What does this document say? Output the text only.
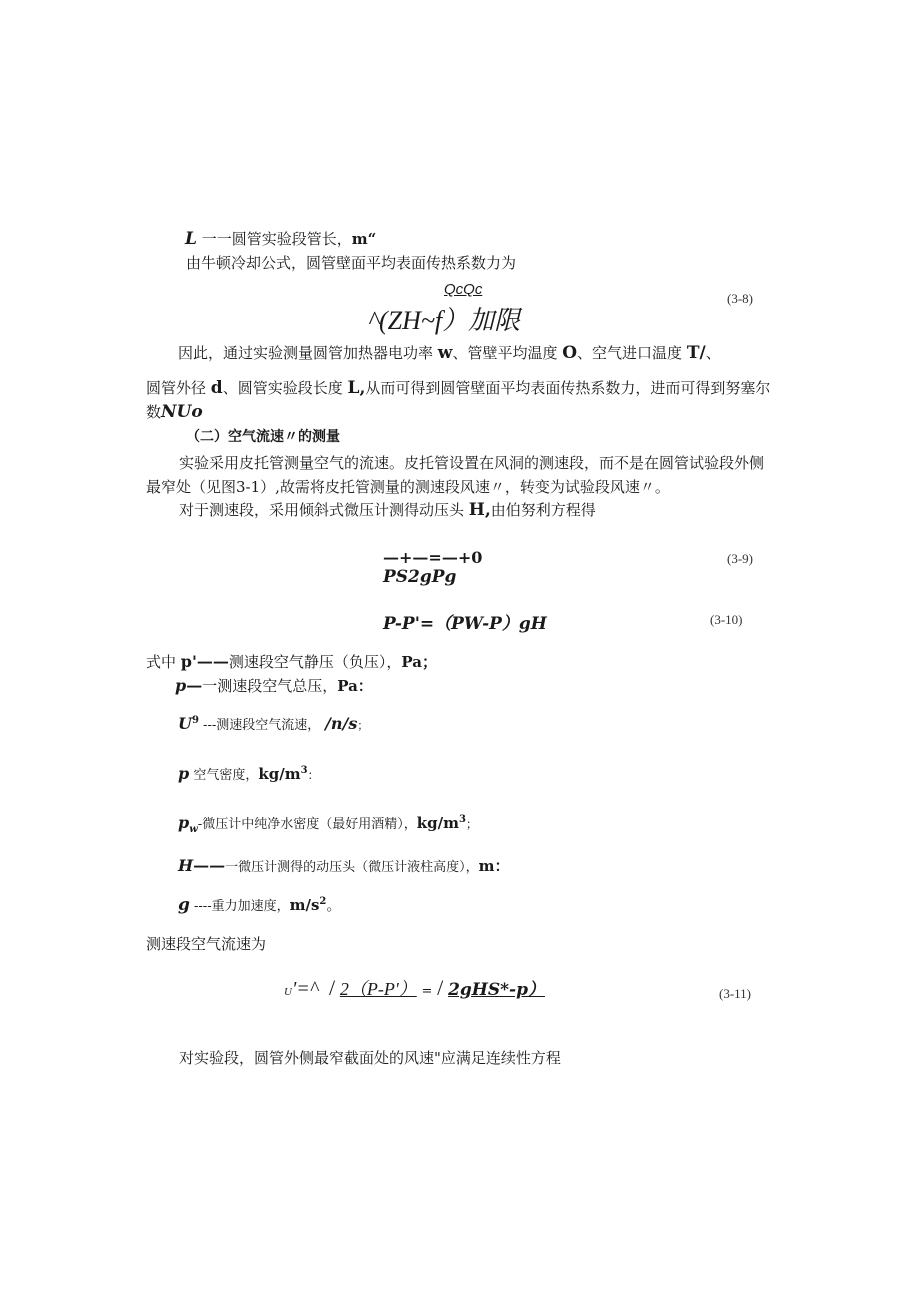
L 一一圆管实验段管长，m“
由牛顿冷却公式，圆管壁面平均表面传热系数力为
QcQc
^(ZH~f）加限
(3-8)
因此，通过实验测量圆管加热器电功率 w、管壁平均温度 O、空气进口温度 T/、
圆管外径 d、圆管实验段长度 L,从而可得到圆管壁面平均表面传热系数力，进而可得到努塞尔
数NUo
（二）空气流速〃的测量
实验采用皮托管测量空气的流速。皮托管设置在风洞的测速段，而不是在圆管试验段外侧
最窄处（见图3-1）,故需将皮托管测量的测速段风速〃，转变为试验段风速〃。
对于测速段，采用倾斜式微压计测得动压头 H,由伯努利方程得
—+—=—+0
PS2gPg
(3-9)
P-P'=（PW-P）gH	(3-10)
式中 p'——测速段空气静压（负压），Pa；
p—一测速段空气总压，Pa：
$U^9$ ---测速段空气流速， /n/s；
p 空气密度，$kg/m^3$：
$p_w-$微压计中纯净水密度（最好用酒精），$kg/m^3$；
H——一微压计测得的动压头（微压计液柱高度），m：
g ----重力加速度，$m/s^2$。
测速段空气流速为
U'=^ / 2（P-P'） = / 2gHS*-p）	(3-11)
对实验段，圆管外侧最窄截面处的风速"应满足连续性方程
